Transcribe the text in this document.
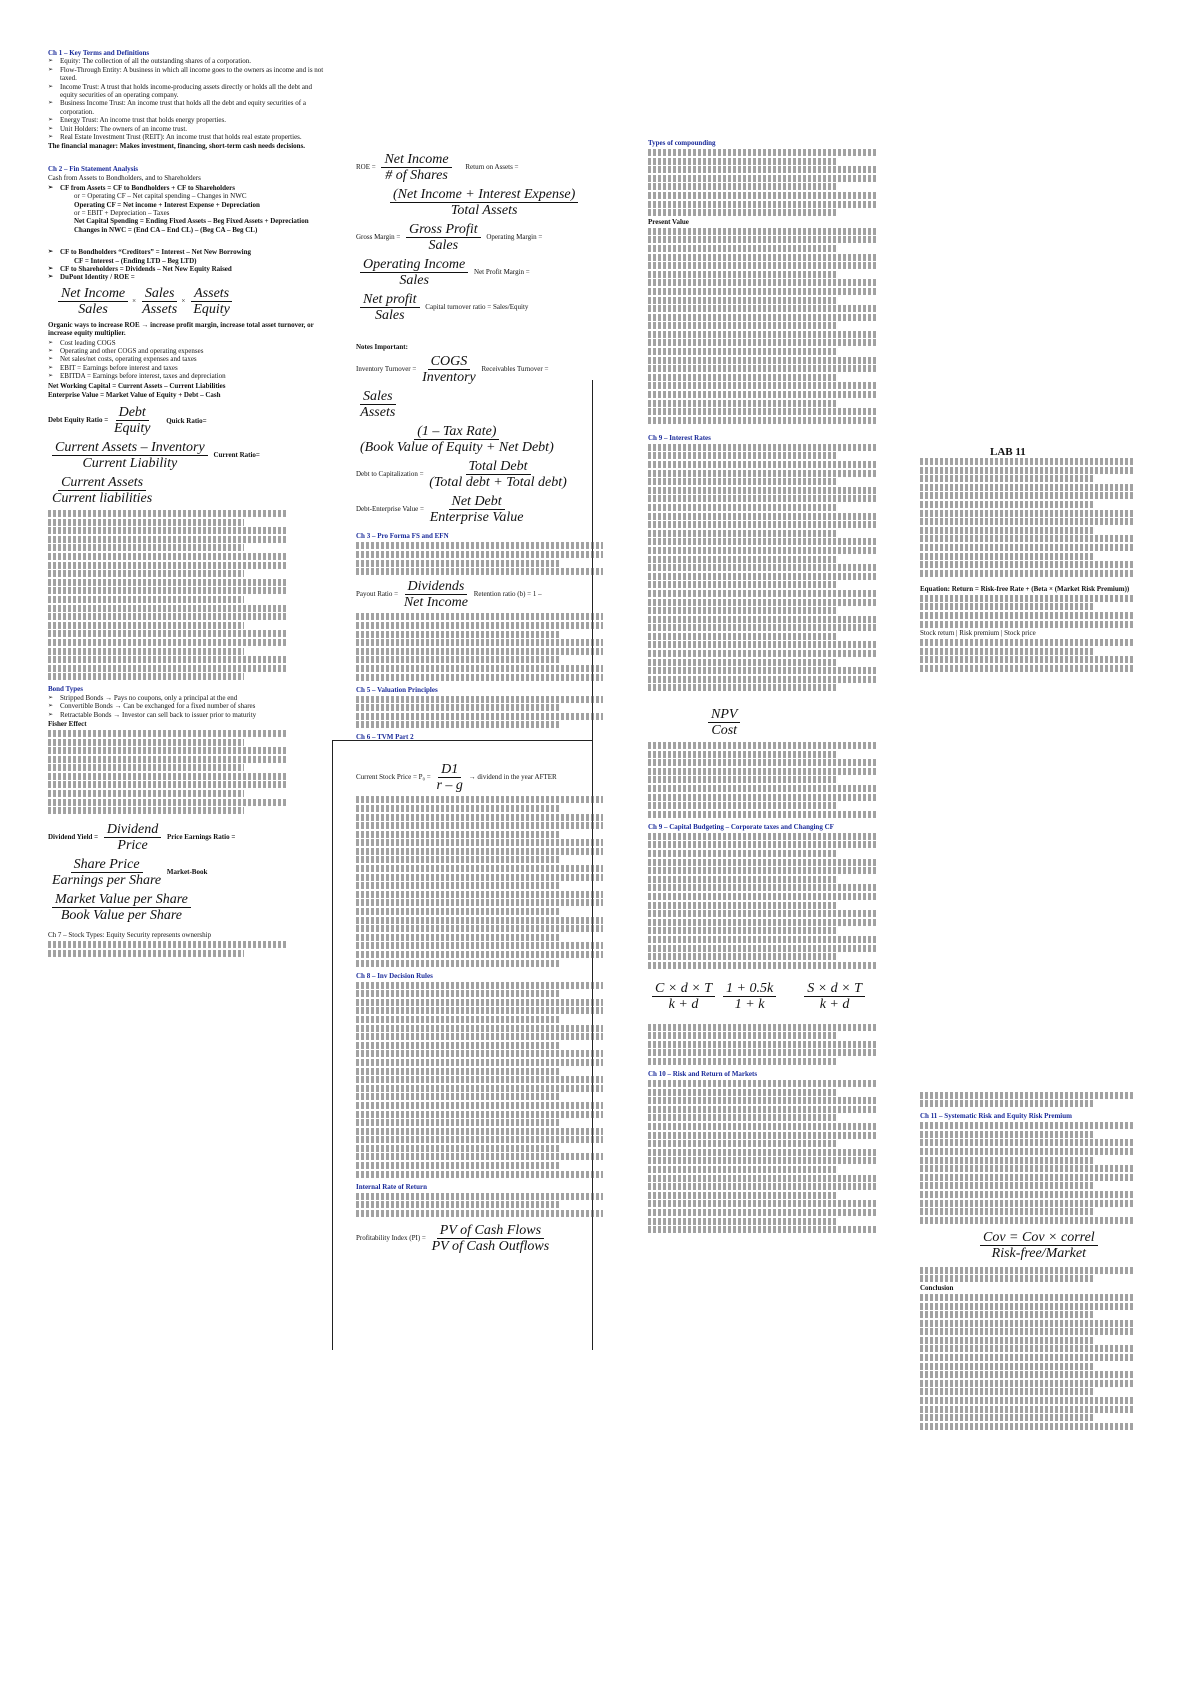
Ch 1 – Key Terms and Definitions
➢ Equity: The collection of all the outstanding shares of a corporation.
➢ Flow-Through Entity: A business in which all income goes to the owners as income and is not taxed.
➢ Income Trust: A trust that holds income-producing assets directly or holds all the debt and equity securities of an operating company.
➢ Business Income Trust: An income trust that holds all the debt and equity securities of a corporation.
➢ Energy Trust: An income trust that holds energy properties.
➢ Unit Holders: The owners of an income trust.
➢ Real Estate Investment Trust (REIT): An income trust that holds real estate properties.
The financial manager: Makes investment, financing, short-term cash needs decisions.
Ch 2 – Fin Statement Analysis
Cash from Assets to Bondholders, and to Shareholders
➢ CF from Assets = CF to Bondholders + CF to Shareholders
or = Operating CF – Net capital spending – Changes in NWC
Operating CF = Net income + Interest Expense + Depreciation
or = EBIT + Depreciation – Taxes
Net Capital Spending = Ending Fixed Assets – Beg Fixed Assets + Depreciation
Changes in NWC = (End CA – End CL) – (Beg CA – Beg CL)
➢ CF to Bondholders “Creditors” = Interest – Net New Borrowing
CF = Interest – (Ending LTD – Beg LTD)
➢ CF to Shareholders = Dividends – Net New Equity Raised
➢ DuPont Identity / ROE =
$\frac{\text{Net Income}}{\text{Sales}} \times \frac{\text{Sales}}{\text{Assets}} \times \frac{\text{Assets}}{\text{Equity}}$
Organic ways to increase ROE → increase profit margin, increase total asset turnover, or increase equity multiplier.
➢ Cost leading COGS
➢ Operating and other COGS and operating expenses
➢ Net sales/net costs, operating expenses and taxes
➢ EBIT = Earnings before interest and taxes
➢ EBITDA = Earnings before interest, taxes and depreciation
Net Working Capital = Current Assets – Current Liabilities
Enterprise Value = Market Value of Equity + Debt – Cash
Debt Equity Ratio = $\frac{\text{Debt}}{\text{Equity}}$ Quick Ratio=
$\frac{\text{Current Assets – Inventory}}{\text{Current Liability}}$ Current Ratio=
$\frac{\text{Current Assets}}{\text{Current liabilities}}$
Bond Types
➢ Stripped Bonds → Pays no coupons, only a principal at the end
➢ Convertible Bonds → Can be exchanged for a fixed number of shares
➢ Retractable Bonds → Investor can sell back to issuer prior to maturity
Fisher Effect
Dividend Yield = $\frac{\text{Dividend}}{\text{Price}}$ Price Earnings Ratio =
$\frac{\text{Share Price}}{\text{Earnings per Share}}$ Market-Book
$\frac{\text{Market Value per Share}}{\text{Book Value per Share}}$
Ch 7 – Stock Types: Equity Security represents ownership
ROE = $\frac{\text{Net Income}}{\text{\# of Shares}}$ Return on Assets =
$\frac{\text{(Net Income + Interest Expense)}}{\text{Total Assets}}$
Gross Margin = $\frac{\text{Gross Profit}}{\text{Sales}}$ Operating Margin =
$\frac{\text{Operating Income}}{\text{Sales}}$ Net Profit Margin =
$\frac{\text{Net profit}}{\text{Sales}}$ Capital turnover ratio = Sales/Equity
Notes Important:
Inventory Turnover = $\frac{\text{COGS}}{\text{Inventory}}$ Receivables Turnover =
$\frac{\text{Sales}}{\text{Assets}}$
$\frac{\text{(1 – Tax Rate)}}{\text{(Book Value of Equity + Net Debt)}}$
Debt to Capitalization = $\frac{\text{Total Debt}}{\text{(Total debt + Total debt)}}$
Debt-Enterprise Value = $\frac{\text{Net Debt}}{\text{Enterprise Value}}$
Ch 3 – Pro Forma FS and EFN
Payout Ratio = $\frac{\text{Dividends}}{\text{Net Income}}$ Retention ratio (b) = 1 –
Ch 5 – Valuation Principles
Ch 6 – TVM Part 2
Current Stock Price = $P_0 = \frac{D1}{r - g}$ → dividend in the year AFTER
Ch 8 – Inv Decision Rules
Internal Rate of Return
Profitability Index $(PI) = \frac{\text{PV of Cash Flows}}{\text{PV of Cash Outflows}}$
Types of compounding
Present Value
Ch 9 – Interest Rates
$\frac{\text{NPV}}{\text{Cost}}$
Ch 9 – Capital Budgeting – Corporate taxes and Changing CF
$\frac{C \times d \times T}{k + d} \frac{1 + 0.5k}{1 + k} \frac{S \times d \times T}{k + d}$
Ch 10 – Risk and Return of Markets
LAB 11
Equation: Return = Risk-free Rate + (Beta × (Market Risk Premium))
Stock return | Risk premium | Stock price
Ch 11 – Systematic Risk and Equity Risk Premium
$\frac{\text{Cov = Cov × correl}}{\text{Risk-free/Market}}$
Conclusion
